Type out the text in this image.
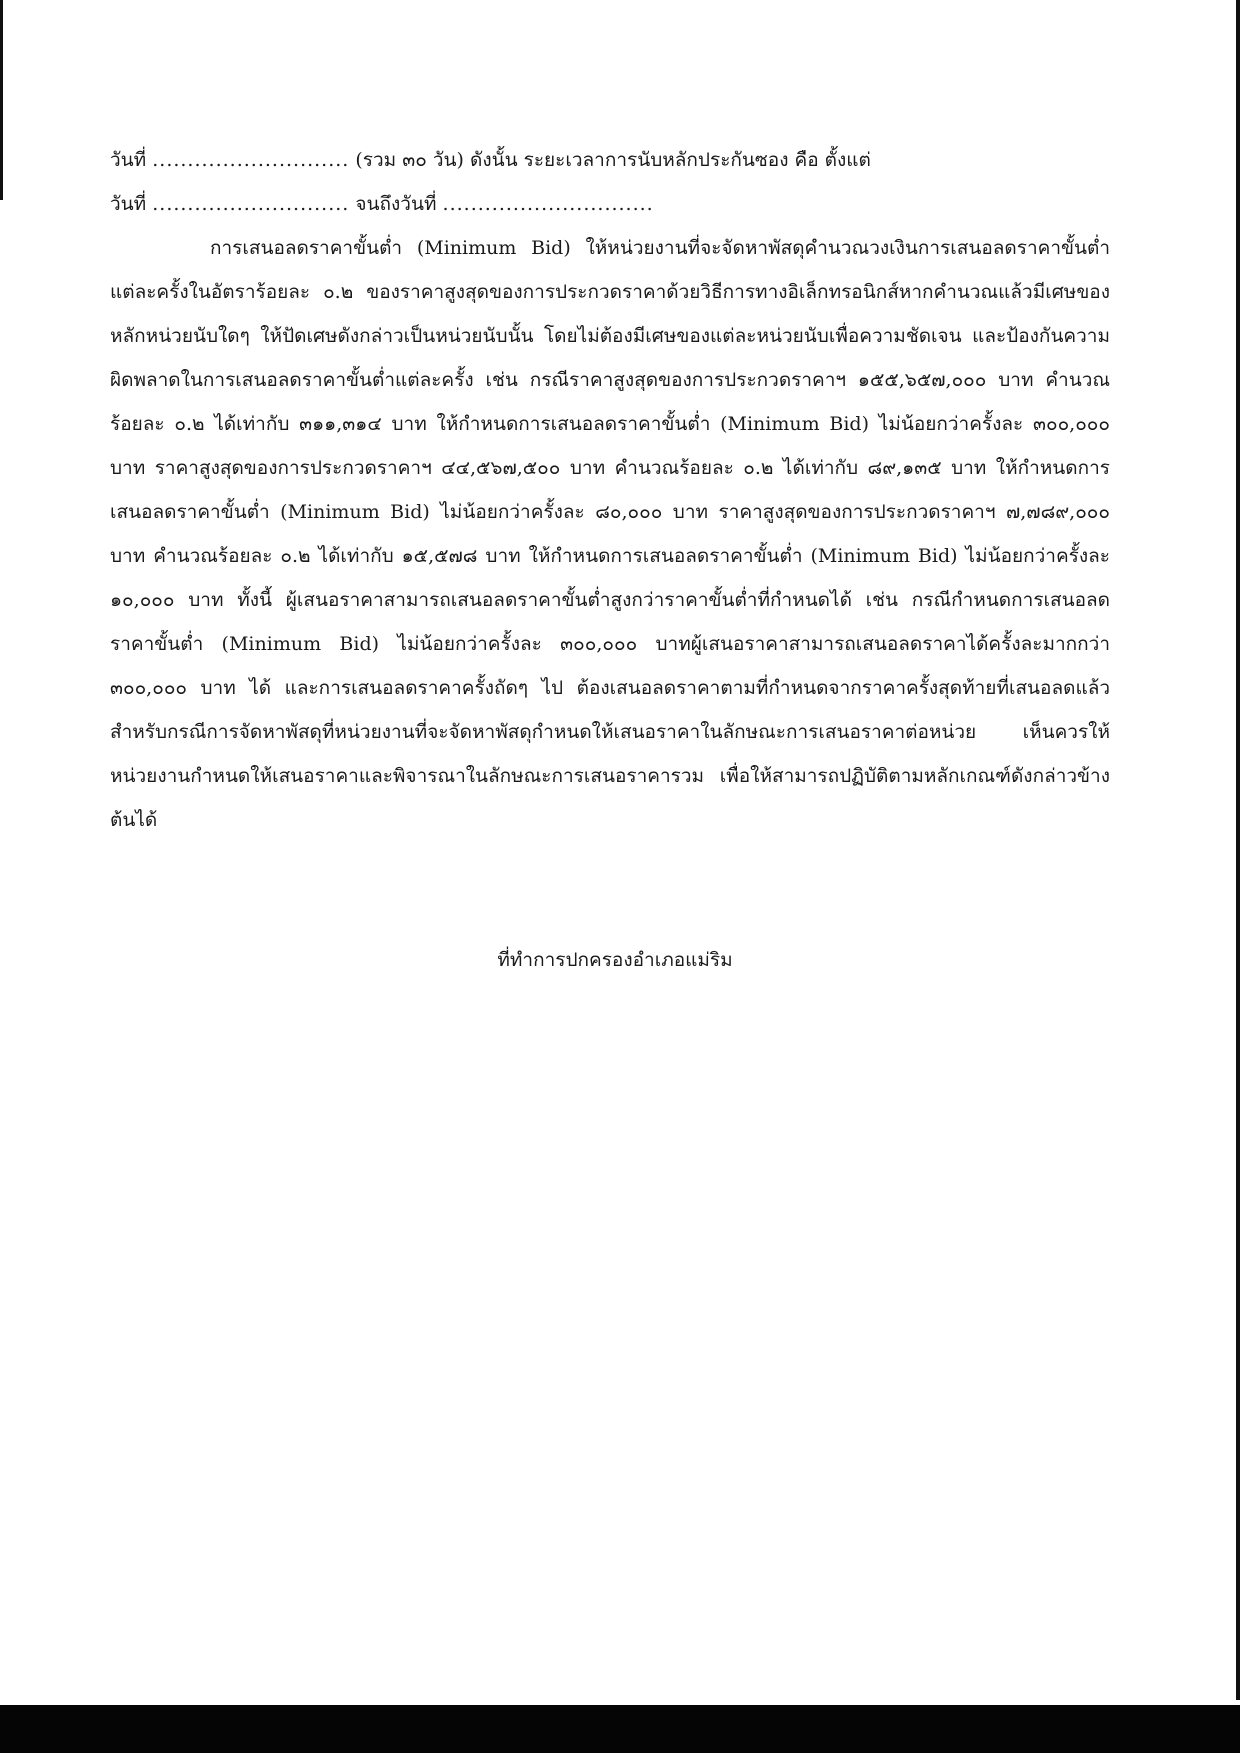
วันที่ ............................ (รวม ๓๐ วัน) ดังนั้น ระยะเวลาการนับหลักประกันซอง คือ ตั้งแต่
วันที่ ............................ จนถึงวันที่ ..............................

การเสนอลดราคาขั้นต่ำ (Minimum Bid) ให้หน่วยงานที่จะจัดหาพัสดุคำนวณวงเงินการเสนอลดราคาขั้นต่ำแต่ละครั้งในอัตราร้อยละ ๐.๒ ของราคาสูงสุดของการประกวดราคาด้วยวิธีการทางอิเล็กทรอนิกส์หากคำนวณแล้วมีเศษของหลักหน่วยนับใดๆ ให้ปัดเศษดังกล่าวเป็นหน่วยนับนั้น โดยไม่ต้องมีเศษของแต่ละหน่วยนับเพื่อความชัดเจน และป้องกันความผิดพลาดในการเสนอลดราคาขั้นต่ำแต่ละครั้ง เช่น กรณีราคาสูงสุดของการประกวดราคาฯ ๑๕๕,๖๕๗,๐๐๐ บาท คำนวณร้อยละ ๐.๒ ได้เท่ากับ ๓๑๑,๓๑๔ บาท ให้กำหนดการเสนอลดราคาขั้นต่ำ (Minimum Bid) ไม่น้อยกว่าครั้งละ ๓๐๐,๐๐๐ บาท ราคาสูงสุดของการประกวดราคาฯ ๔๔,๕๖๗,๕๐๐ บาท คำนวณร้อยละ ๐.๒ ได้เท่ากับ ๘๙,๑๓๕ บาท ให้กำหนดการเสนอลดราคาขั้นต่ำ (Minimum Bid) ไม่น้อยกว่าครั้งละ ๘๐,๐๐๐ บาท ราคาสูงสุดของการประกวดราคาฯ ๗,๗๘๙,๐๐๐ บาท คำนวณร้อยละ ๐.๒ ได้เท่ากับ ๑๕,๕๗๘ บาท ให้กำหนดการเสนอลดราคาขั้นต่ำ (Minimum Bid) ไม่น้อยกว่าครั้งละ ๑๐,๐๐๐ บาท ทั้งนี้ ผู้เสนอราคาสามารถเสนอลดราคาขั้นต่ำสูงกว่าราคาขั้นต่ำที่กำหนดได้ เช่น กรณีกำหนดการเสนอลดราคาขั้นต่ำ (Minimum Bid) ไม่น้อยกว่าครั้งละ ๓๐๐,๐๐๐ บาทผู้เสนอราคาสามารถเสนอลดราคาได้ครั้งละมากกว่า ๓๐๐,๐๐๐ บาท ได้ และการเสนอลดราคาครั้งถัดๆ ไป ต้องเสนอลดราคาตามที่กำหนดจากราคาครั้งสุดท้ายที่เสนอลดแล้ว สำหรับกรณีการจัดหาพัสดุที่หน่วยงานที่จะจัดหาพัสดุกำหนดให้เสนอราคาในลักษณะการเสนอราคาต่อหน่วย เห็นควรให้หน่วยงานกำหนดให้เสนอราคาและพิจารณาในลักษณะการเสนอราคารวม เพื่อให้สามารถปฏิบัติตามหลักเกณฑ์ดังกล่าวข้างต้นได้

ที่ทำการปกครองอำเภอแม่ริม
